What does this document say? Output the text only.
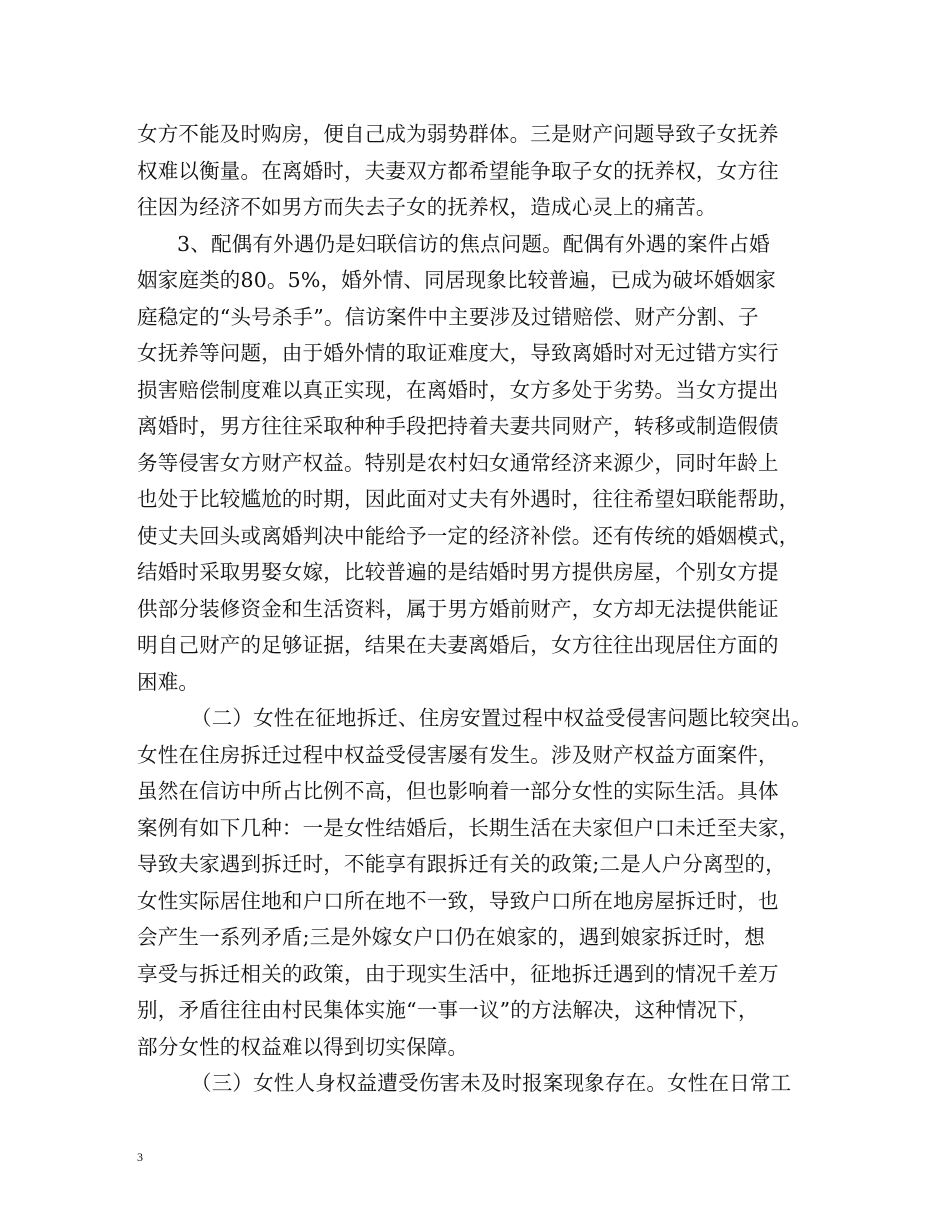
女方不能及时购房，便自己成为弱势群体。三是财产问题导致子女抚养
权难以衡量。在离婚时，夫妻双方都希望能争取子女的抚养权，女方往
往因为经济不如男方而失去子女的抚养权，造成心灵上的痛苦。
3、配偶有外遇仍是妇联信访的焦点问题。配偶有外遇的案件占婚
姻家庭类的80。5%，婚外情、同居现象比较普遍，已成为破坏婚姻家
庭稳定的“头号杀手”。信访案件中主要涉及过错赔偿、财产分割、子
女抚养等问题，由于婚外情的取证难度大，导致离婚时对无过错方实行
损害赔偿制度难以真正实现，在离婚时，女方多处于劣势。当女方提出
离婚时，男方往往采取种种手段把持着夫妻共同财产，转移或制造假债
务等侵害女方财产权益。特别是农村妇女通常经济来源少，同时年龄上
也处于比较尴尬的时期，因此面对丈夫有外遇时，往往希望妇联能帮助，
使丈夫回头或离婚判决中能给予一定的经济补偿。还有传统的婚姻模式，
结婚时采取男娶女嫁，比较普遍的是结婚时男方提供房屋，个别女方提
供部分装修资金和生活资料，属于男方婚前财产，女方却无法提供能证
明自己财产的足够证据，结果在夫妻离婚后，女方往往出现居住方面的
困难。
（二）女性在征地拆迁、住房安置过程中权益受侵害问题比较突出。
女性在住房拆迁过程中权益受侵害屡有发生。涉及财产权益方面案件，
虽然在信访中所占比例不高，但也影响着一部分女性的实际生活。具体
案例有如下几种：一是女性结婚后，长期生活在夫家但户口未迁至夫家，
导致夫家遇到拆迁时，不能享有跟拆迁有关的政策;二是人户分离型的，
女性实际居住地和户口所在地不一致，导致户口所在地房屋拆迁时，也
会产生一系列矛盾;三是外嫁女户口仍在娘家的，遇到娘家拆迁时，想
享受与拆迁相关的政策，由于现实生活中，征地拆迁遇到的情况千差万
别，矛盾往往由村民集体实施“一事一议”的方法解决，这种情况下，
部分女性的权益难以得到切实保障。
（三）女性人身权益遭受伤害未及时报案现象存在。女性在日常工
3
